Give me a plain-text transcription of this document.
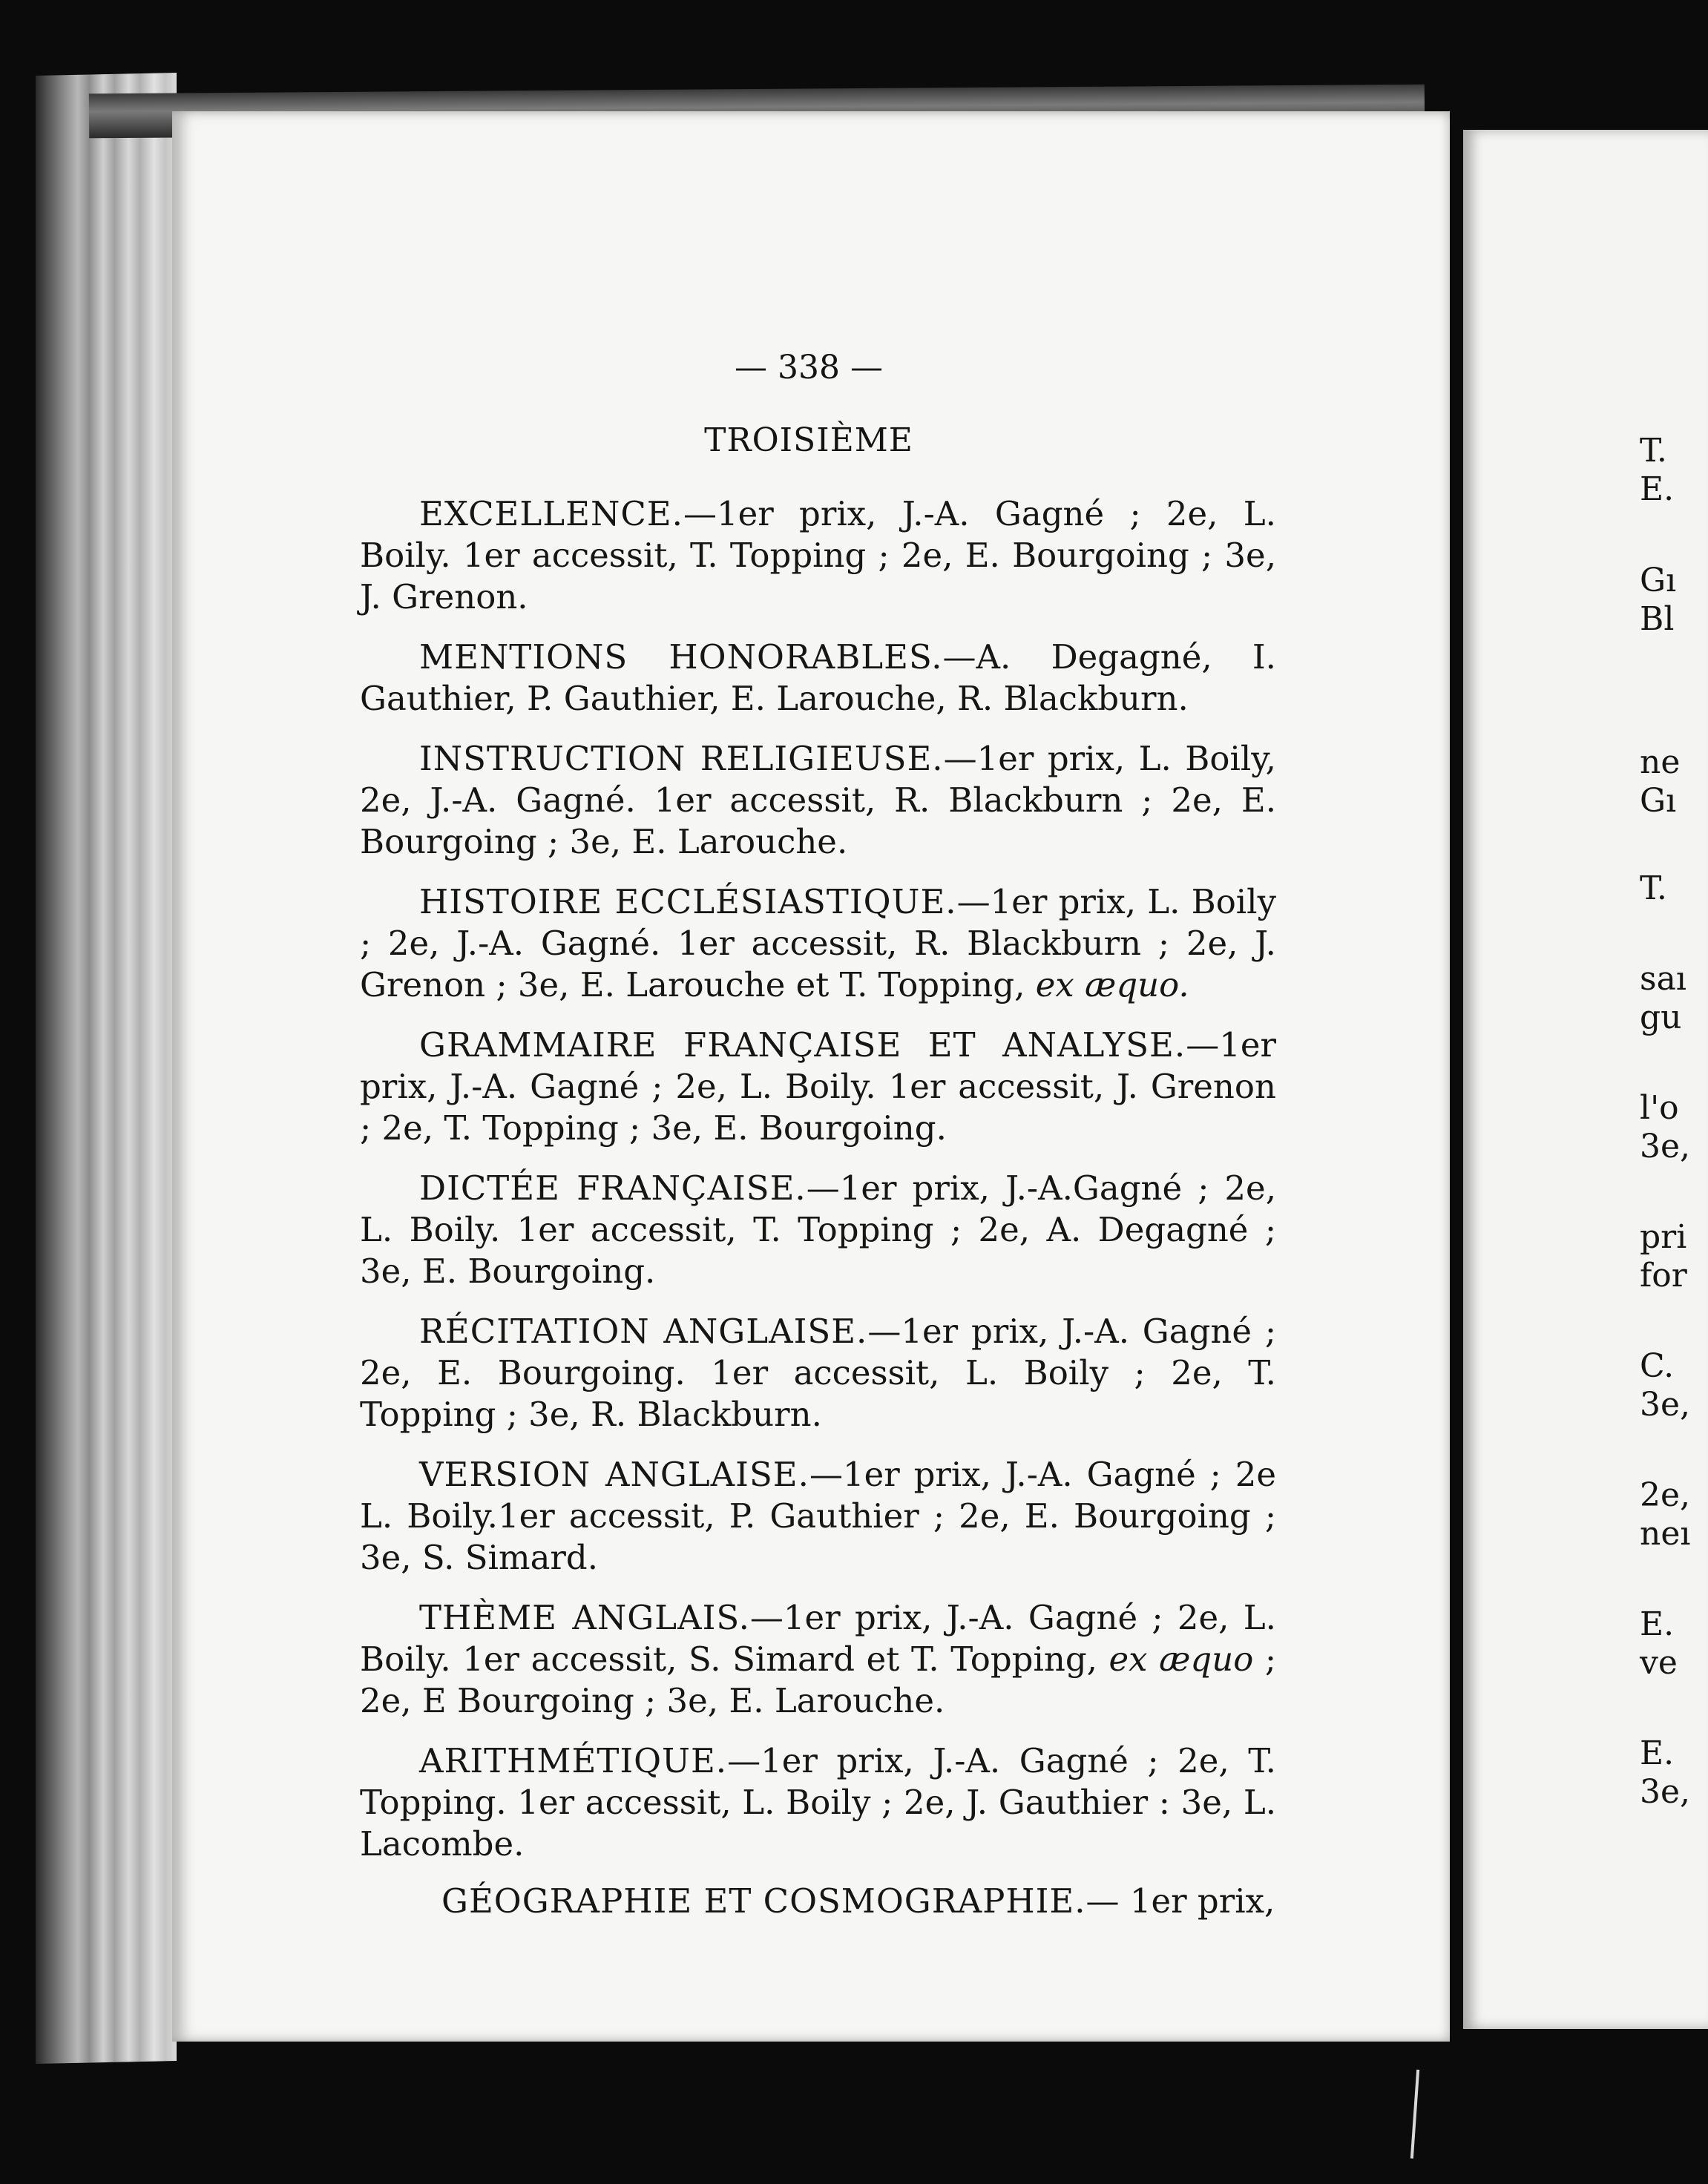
— 338 —
TROISIÈME

EXCELLENCE.—1er prix, J.-A. Gagné ; 2e, L. Boily. 1er accessit, T. Topping ; 2e, E. Bourgoing ; 3e, J. Grenon.

MENTIONS HONORABLES.—A. Degagné, I. Gauthier, P. Gauthier, E. Larouche, R. Blackburn.

INSTRUCTION RELIGIEUSE.—1er prix, L. Boily, 2e, J.-A. Gagné. 1er accessit, R. Blackburn ; 2e, E. Bourgoing ; 3e, E. Larouche.

HISTOIRE ECCLÉSIASTIQUE.—1er prix, L. Boily ; 2e, J.-A. Gagné. 1er accessit, R. Blackburn ; 2e, J. Grenon ; 3e, E. Larouche et T. Topping, ex æquo.

GRAMMAIRE FRANÇAISE ET ANALYSE.—1er prix, J.-A. Gagné ; 2e, L. Boily. 1er accessit, J. Grenon ; 2e, T. Topping ; 3e, E. Bourgoing.

DICTÉE FRANÇAISE.—1er prix, J.-A.Gagné ; 2e, L. Boily. 1er accessit, T. Topping ; 2e, A. Degagné ; 3e, E. Bourgoing.

RÉCITATION ANGLAISE.—1er prix, J.-A. Gagné ; 2e, E. Bourgoing. 1er accessit, L. Boily ; 2e, T. Topping ; 3e, R. Blackburn.

VERSION ANGLAISE.—1er prix, J.-A. Gagné ; 2e L. Boily.1er accessit, P. Gauthier ; 2e, E. Bourgoing ; 3e, S. Simard.

THÈME ANGLAIS.—1er prix, J.-A. Gagné ; 2e, L. Boily. 1er accessit, S. Simard et T. Topping, ex æquo ; 2e, E Bourgoing ; 3e, E. Larouche.

ARITHMÉTIQUE.—1er prix, J.-A. Gagné ; 2e, T. Topping. 1er accessit, L. Boily ; 2e, J. Gauthier : 3e, L. Lacombe.

GÉOGRAPHIE ET COSMOGRAPHIE.— 1er prix,

T.
E.
Gı
Bl
ne
Gı
T.
saı
gu
l'o
3e,
pri
for
C.
3e,
2e,
neı
E.
ve
E.
3e,
